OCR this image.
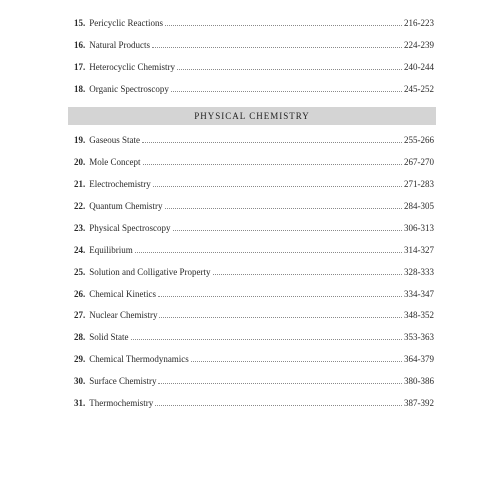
15. Pericyclic Reactions	216-223
16. Natural Products	224-239
17. Heterocyclic Chemistry	240-244
18. Organic Spectroscopy	245-252
PHYSICAL CHEMISTRY
19. Gaseous State	255-266
20. Mole Concept	267-270
21. Electrochemistry	271-283
22. Quantum Chemistry	284-305
23. Physical Spectroscopy	306-313
24. Equilibrium	314-327
25. Solution and Colligative Property	328-333
26. Chemical Kinetics	334-347
27. Nuclear Chemistry	348-352
28. Solid State	353-363
29. Chemical Thermodynamics	364-379
30. Surface Chemistry	380-386
31. Thermochemistry	387-392
